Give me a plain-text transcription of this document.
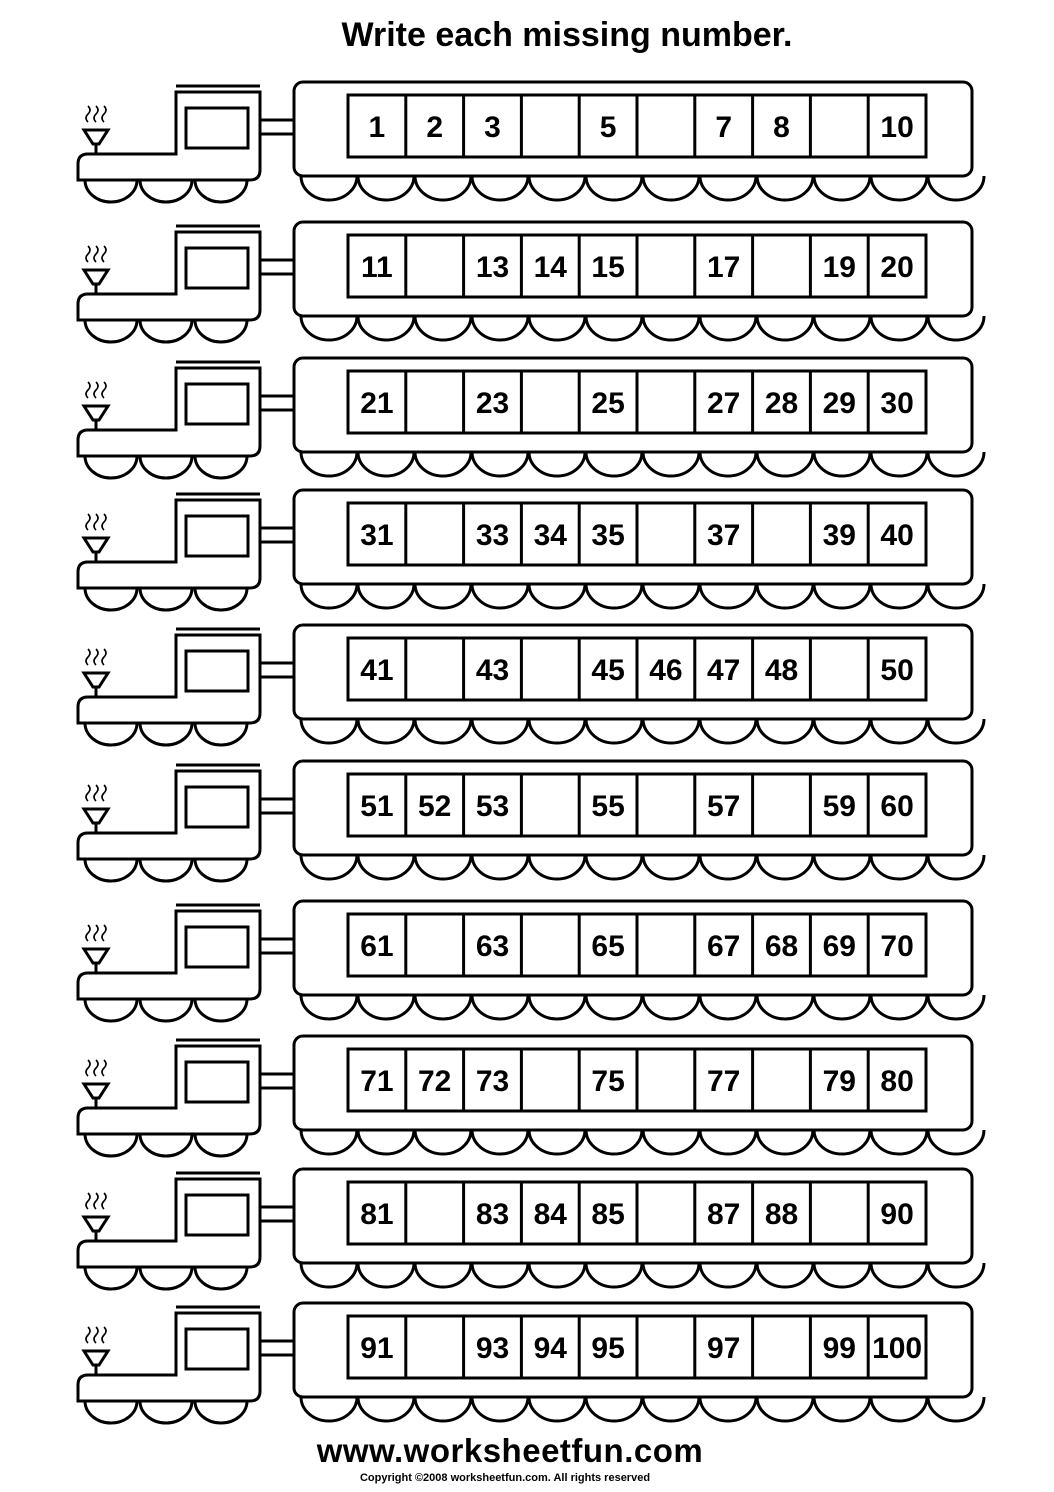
Write each missing number.
1 2 3	5	7 8	10
11	13 14 15	17	19 20
21	23	25	27 28 29 30
31	33 34 35	37	39 40
41	43	45 46 47 48	50
51 52 53	55	57	59 60
61	63	65	67 68 69 70
71 72 73	75	77	79 80
81	83 84 85	87 88	90
91	93 94 95	97	99 100
www.worksheetfun.com
Copyright ©2008 worksheetfun.com. All rights reserved
